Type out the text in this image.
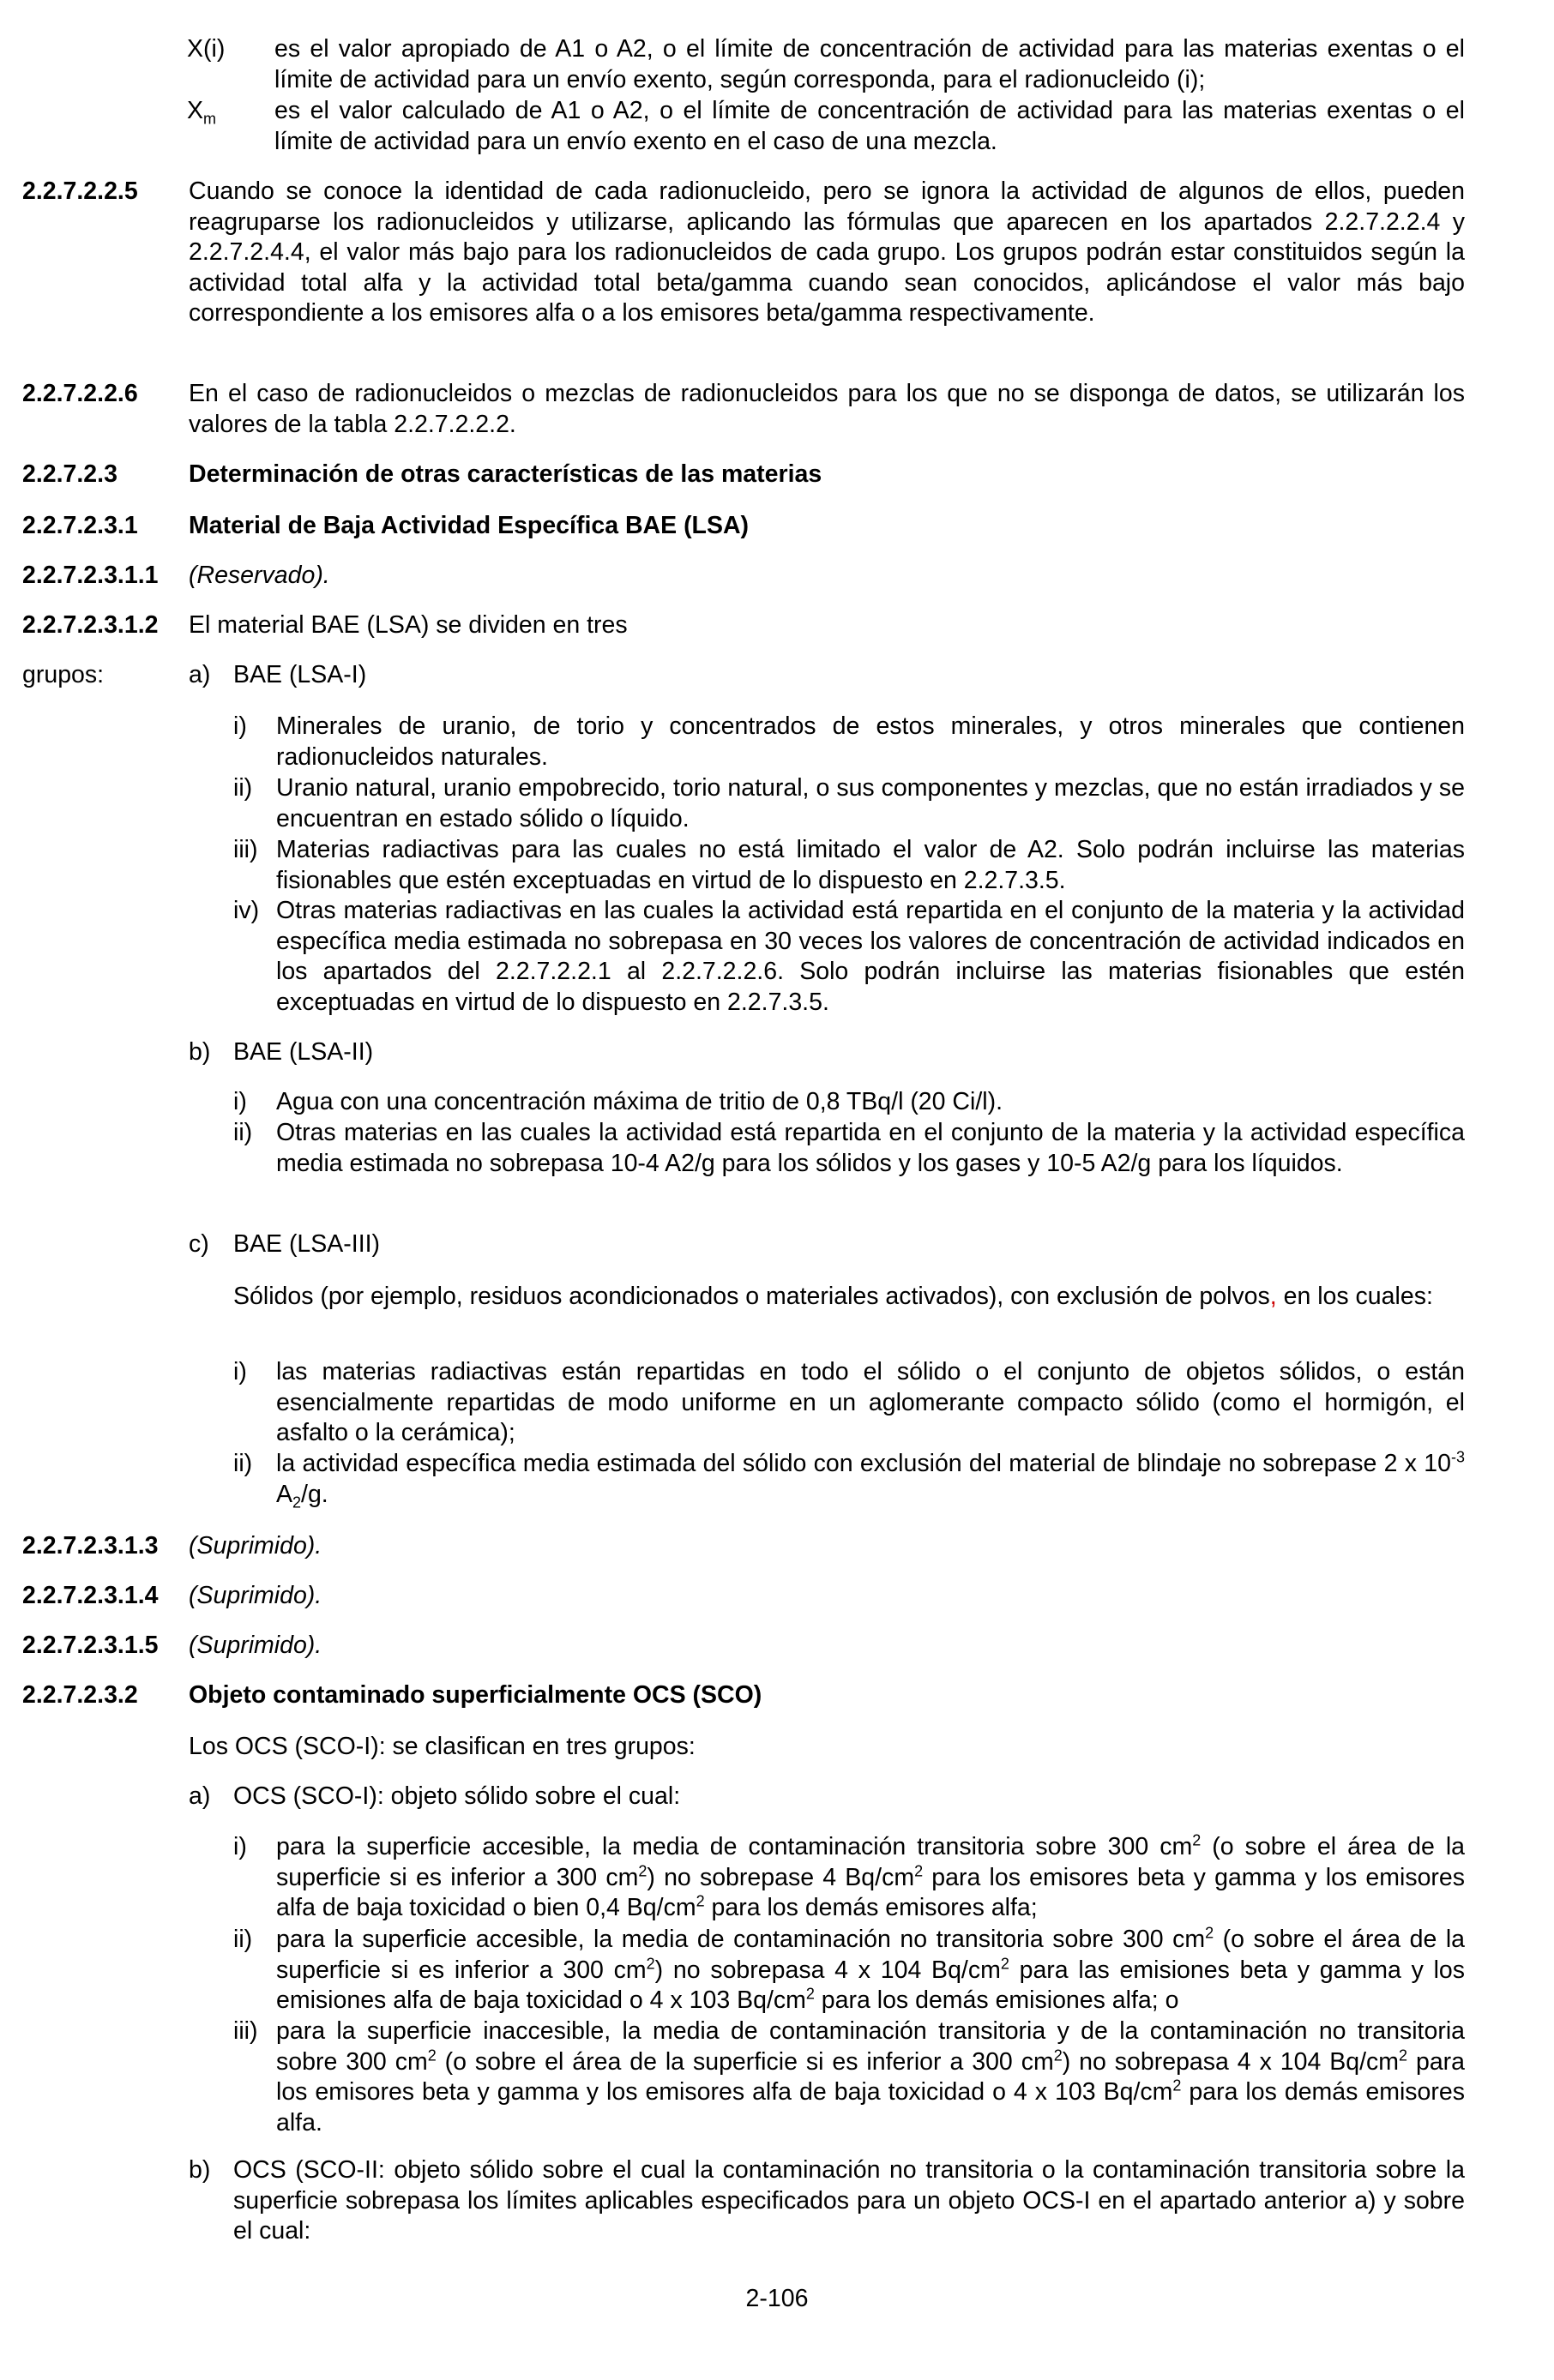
X(i) es el valor apropiado de A1 o A2, o el límite de concentración de actividad para las materias exentas o el límite de actividad para un envío exento, según corresponda, para el radionucleido (i);

$X_m$ es el valor calculado de A1 o A2, o el límite de concentración de actividad para las materias exentas o el límite de actividad para un envío exento en el caso de una mezcla.

2.2.7.2.2.5 Cuando se conoce la identidad de cada radionucleido, pero se ignora la actividad de algunos de ellos, pueden reagruparse los radionucleidos y utilizarse, aplicando las fórmulas que aparecen en los apartados 2.2.7.2.2.4 y 2.2.7.2.4.4, el valor más bajo para los radionucleidos de cada grupo. Los grupos podrán estar constituidos según la actividad total alfa y la actividad total beta/gamma cuando sean conocidos, aplicándose el valor más bajo correspondiente a los emisores alfa o a los emisores beta/gamma respectivamente.

2.2.7.2.2.6 En el caso de radionucleidos o mezclas de radionucleidos para los que no se disponga de datos, se utilizarán los valores de la tabla 2.2.7.2.2.2.

2.2.7.2.3	Determinación de otras características de las materias
2.2.7.2.3.1 Material de Baja Actividad Específica BAE (LSA)
2.2.7.2.3.1.1 (Reservado).
2.2.7.2.3.1.2 El material BAE (LSA) se dividen en tres
grupos:	a) BAE (LSA-I)
i) Minerales de uranio, de torio y concentrados de estos minerales, y otros minerales que contienen radionucleidos naturales.

ii) Uranio natural, uranio empobrecido, torio natural, o sus componentes y mezclas, que no están irradiados y se encuentran en estado sólido o líquido.

iii) Materias radiactivas para las cuales no está limitado el valor de A2. Solo podrán incluirse las materias fisionables que estén exceptuadas en virtud de lo dispuesto en 2.2.7.3.5.

iv) Otras materias radiactivas en las cuales la actividad está repartida en el conjunto de la materia y la actividad específica media estimada no sobrepasa en 30 veces los valores de concentración de actividad indicados en los apartados del 2.2.7.2.2.1 al 2.2.7.2.2.6. Solo podrán incluirse las materias fisionables que estén exceptuadas en virtud de lo dispuesto en 2.2.7.3.5.

b) BAE (LSA-II)
i) Agua con una concentración máxima de tritio de 0,8 TBq/l (20 Ci/l).

ii) Otras materias en las cuales la actividad está repartida en el conjunto de la materia y la actividad específica media estimada no sobrepasa 10-4 A2/g para los sólidos y los gases y 10-5 A2/g para los líquidos.

c) BAE (LSA-III)

Sólidos (por ejemplo, residuos acondicionados o materiales activados), con exclusión de polvos, en los cuales:

i) las materias radiactivas están repartidas en todo el sólido o el conjunto de objetos sólidos, o están esencialmente repartidas de modo uniforme en un aglomerante compacto sólido (como el hormigón, el asfalto o la cerámica);

ii) la actividad específica media estimada del sólido con exclusión del material de blindaje no sobrepase 2 x $10^{-3}$ $A_2/g$.

2.2.7.2.3.1.3 (Suprimido).
2.2.7.2.3.1.4 (Suprimido).
2.2.7.2.3.1.5 (Suprimido).
2.2.7.2.3.2 Objeto contaminado superficialmente OCS (SCO)
Los OCS (SCO-I): se clasifican en tres grupos:
a) OCS (SCO-I): objeto sólido sobre el cual:
i) para la superficie accesible, la media de contaminación transitoria sobre 300 $cm^2$ (o sobre el área de la superficie si es inferior a 300 $cm^2$) no sobrepase 4 $Bq/cm^2$ para los emisores beta y gamma y los emisores alfa de baja toxicidad o bien 0,4 $Bq/cm^2$ para los demás emisores alfa;

ii) para la superficie accesible, la media de contaminación no transitoria sobre 300 $cm^2$ (o sobre el área de la superficie si es inferior a 300 $cm^2$) no sobrepasa 4 x 104 $Bq/cm^2$ para las emisiones beta y gamma y los emisiones alfa de baja toxicidad o 4 x 103 $Bq/cm^2$ para los demás emisiones alfa; o

iii) para la superficie inaccesible, la media de contaminación transitoria y de la contaminación no transitoria sobre 300 $cm^2$ (o sobre el área de la superficie si es inferior a 300 $cm^2$) no sobrepasa 4 x 104 $Bq/cm^2$ para los emisores beta y gamma y los emisores alfa de baja toxicidad o 4 x 103 $Bq/cm^2$ para los demás emisores alfa.

b) OCS (SCO-II: objeto sólido sobre el cual la contaminación no transitoria o la contaminación transitoria sobre la superficie sobrepasa los límites aplicables especificados para un objeto OCS-I en el apartado anterior a) y sobre el cual:

2-106
